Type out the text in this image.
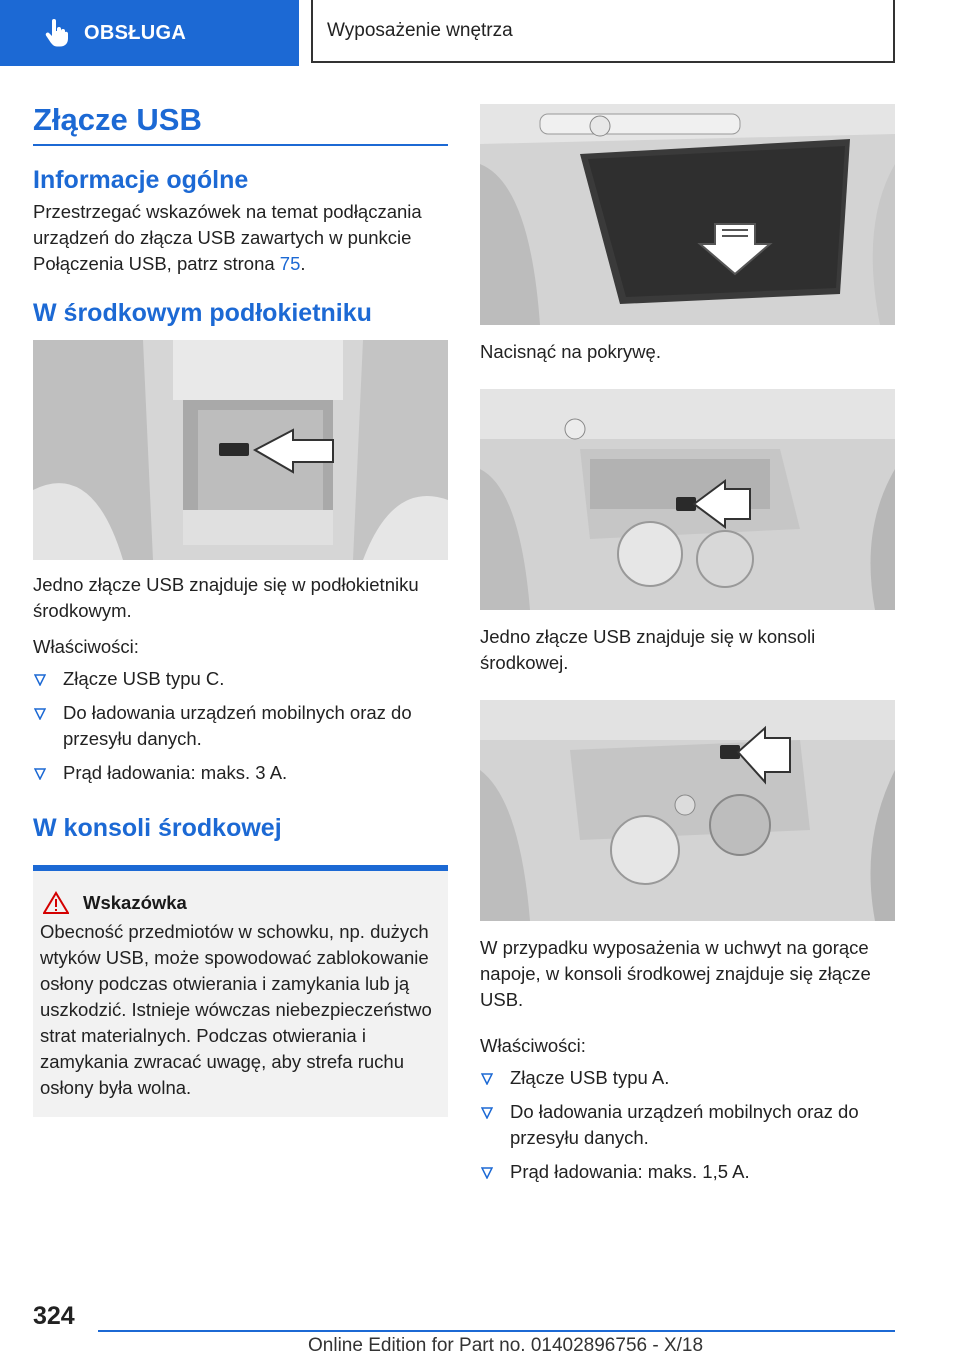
OBSŁUGA	Wyposażenie wnętrza
Złącze USB
Informacje ogólne

Przestrzegać wskazówek na temat podłączania urządzeń do złącza USB zawartych w punkcie Połączenia USB, patrz strona 75.

W środkowym podłokietniku

Jedno złącze USB znajduje się w podłokietniku środkowym.

Właściwości:

Złącze USB typu C.
Do ładowania urządzeń mobilnych oraz do przesyłu danych.
Prąd ładowania: maks. 3 A.
W konsoli środkowej
Wskazówka

Obecność przedmiotów w schowku, np. dużych wtyków USB, może spowodować zablokowanie osłony podczas otwierania i zamykania lub ją uszkodzić. Istnieje wówczas niebezpieczeństwo strat materialnych. Podczas otwierania i zamykania zwracać uwagę, aby strefa ruchu osłony była wolna.

Nacisnąć na pokrywę.

Jedno złącze USB znajduje się w konsoli środkowej.

W przypadku wyposażenia w uchwyt na gorące napoje, w konsoli środkowej znajduje się złącze USB.

Właściwości:

Złącze USB typu A.
Do ładowania urządzeń mobilnych oraz do przesyłu danych.
Prąd ładowania: maks. 1,5 A.
324
Online Edition for Part no. 01402896756 - X/18
